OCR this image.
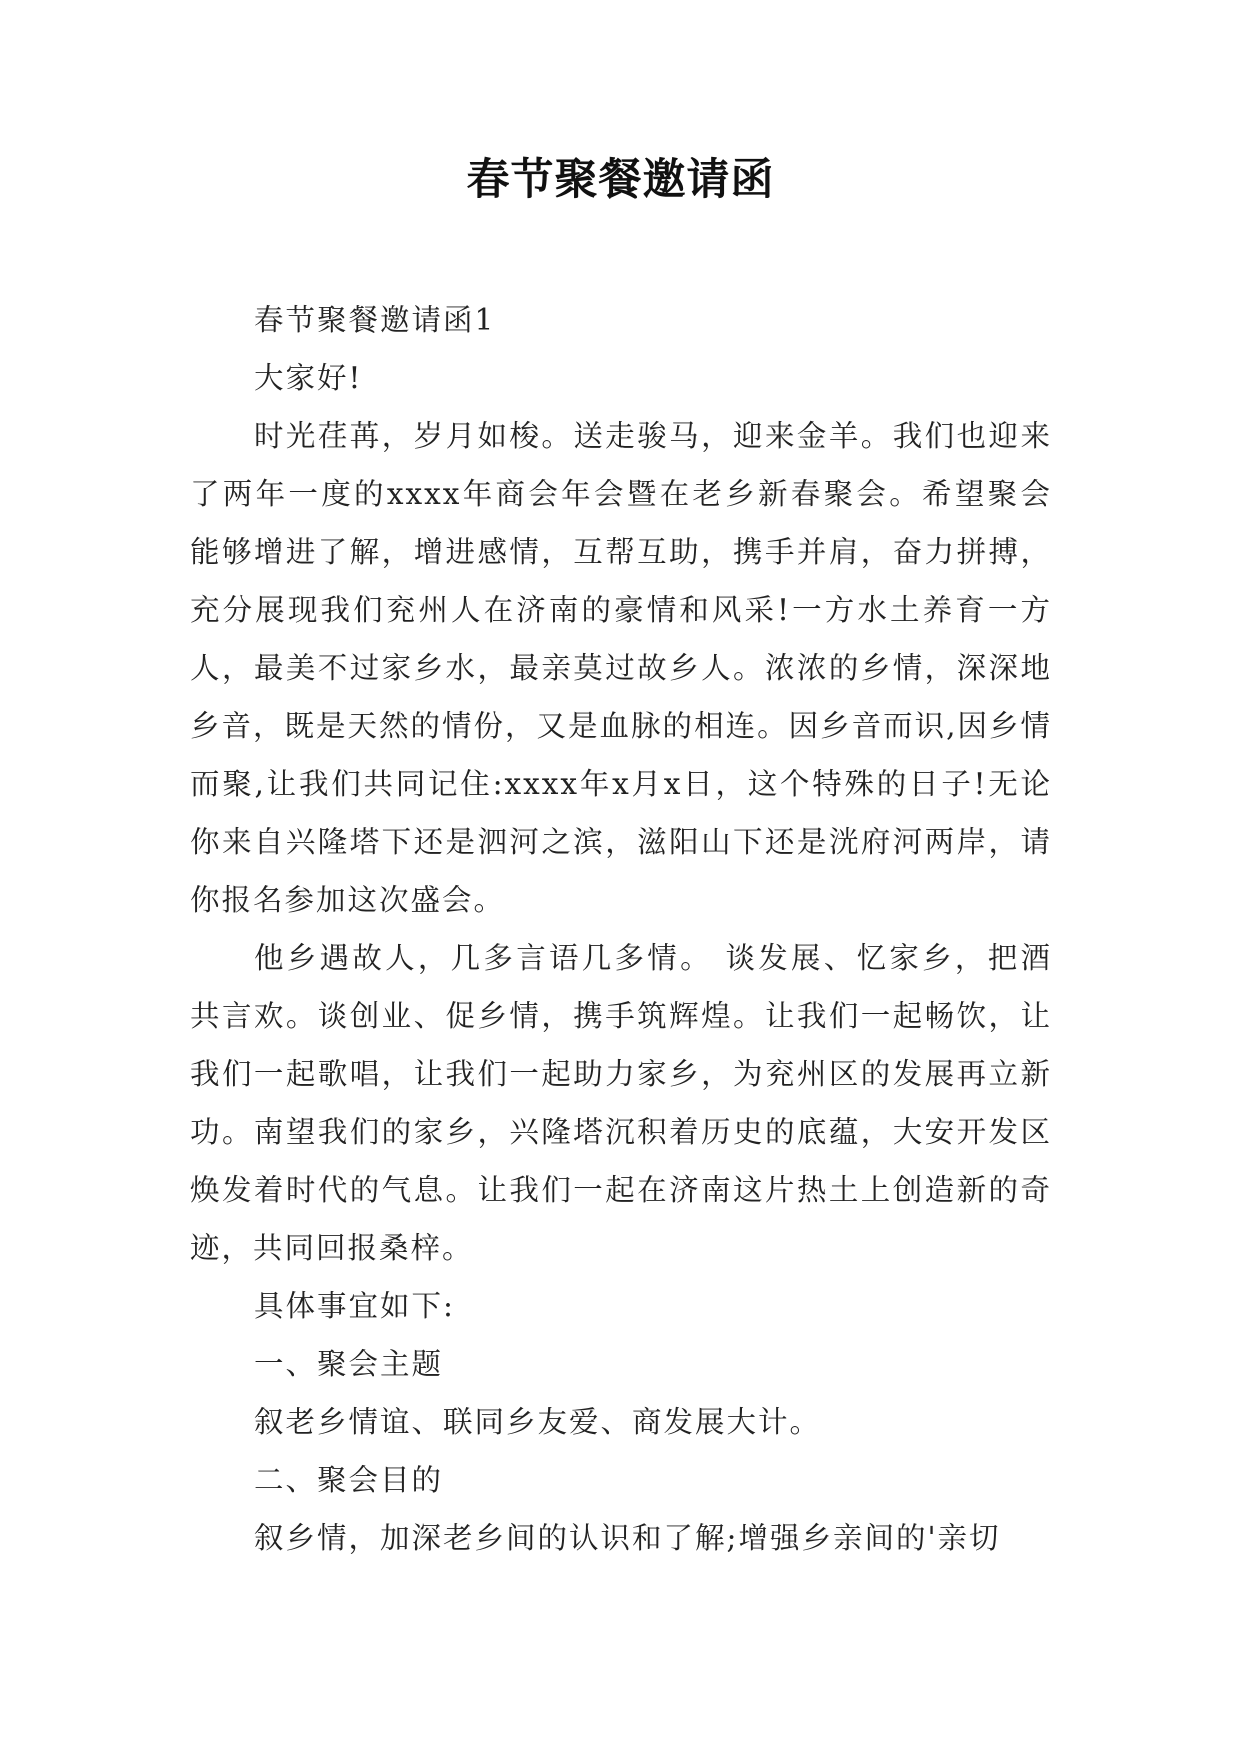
春节聚餐邀请函

春节聚餐邀请函1

大家好!

时光荏苒，岁月如梭。送走骏马，迎来金羊。我们也迎来了两年一度的xxxx年商会年会暨在老乡新春聚会。希望聚会能够增进了解，增进感情，互帮互助，携手并肩，奋力拼搏，充分展现我们兖州人在济南的豪情和风采!一方水土养育一方人，最美不过家乡水，最亲莫过故乡人。浓浓的乡情，深深地乡音，既是天然的情份，又是血脉的相连。因乡音而识,因乡情而聚,让我们共同记住:xxxx年x月x日，这个特殊的日子!无论你来自兴隆塔下还是泗河之滨，滋阳山下还是洸府河两岸，请你报名参加这次盛会。

他乡遇故人，几多言语几多情。 谈发展、忆家乡，把酒共言欢。谈创业、促乡情，携手筑辉煌。让我们一起畅饮，让我们一起歌唱，让我们一起助力家乡，为兖州区的发展再立新功。南望我们的家乡，兴隆塔沉积着历史的底蕴，大安开发区焕发着时代的气息。让我们一起在济南这片热土上创造新的奇迹，共同回报桑梓。

具体事宜如下:

一、聚会主题

叙老乡情谊、联同乡友爱、商发展大计。

二、聚会目的

叙乡情，加深老乡间的认识和了解;增强乡亲间的'亲切
